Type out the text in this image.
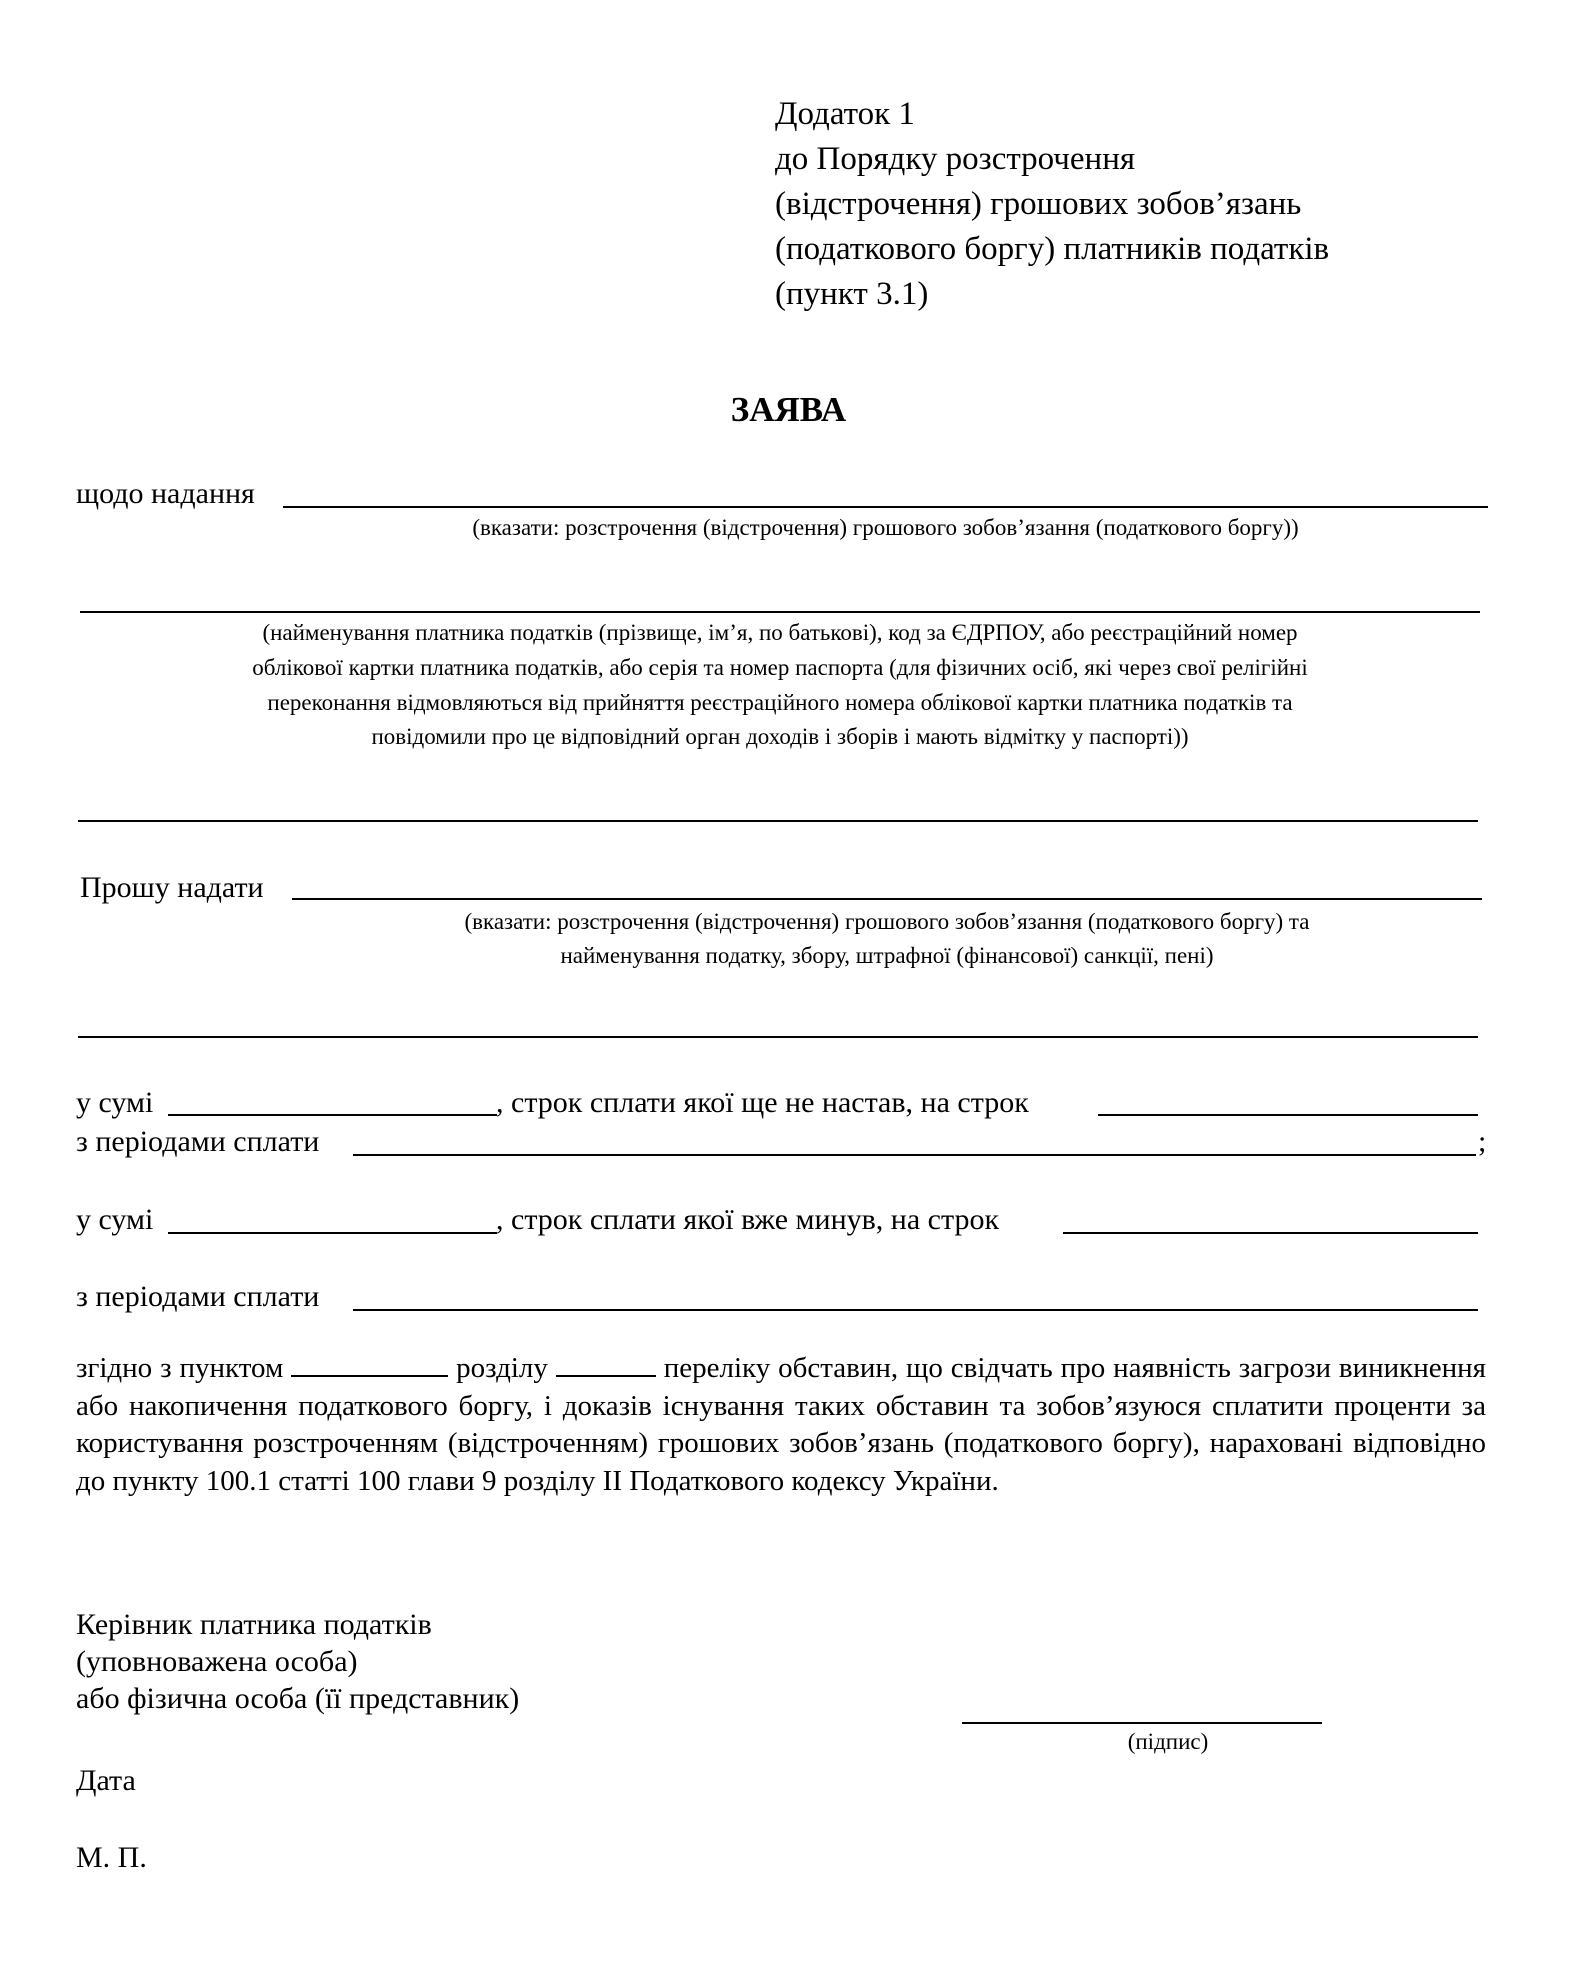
Додаток 1
до Порядку розстрочення
(відстрочення) грошових зобов’язань
(податкового боргу) платників податків
(пункт 3.1)
ЗАЯВА
щодо надання
(вказати: розстрочення (відстрочення) грошового зобов’язання (податкового боргу))
(найменування платника податків (прізвище, ім’я, по батькові), код за ЄДРПОУ, або реєстраційний номер
облікової картки платника податків, або серія та номер паспорта (для фізичних осіб, які через свої релігійні
переконання відмовляються від прийняття реєстраційного номера облікової картки платника податків та
повідомили про це відповідний орган доходів і зборів і мають відмітку у паспорті))
Прошу надати
(вказати: розстрочення (відстрочення) грошового зобов’язання (податкового боргу) та
найменування податку, збору, штрафної (фінансової) санкції, пені)
у сумі	, строк сплати якої ще не настав, на строк
з періодами сплати	;
у сумі	, строк сплати якої вже минув, на строк
з періодами сплати
згідно з пунктом	розділу	переліку обставин, що свідчать про наявність загрози виникнення або накопичення податкового боргу, і доказів існування таких обставин та зобов’язуюся сплатити проценти за користування розстроченням (відстроченням) грошових зобов’язань (податкового боргу), нараховані відповідно до пункту 100.1 статті 100 глави 9 розділу ІІ Податкового кодексу України.
Керівник платника податків
(уповноважена особа)
або фізична особа (її представник)
(підпис)
Дата
М. П.
